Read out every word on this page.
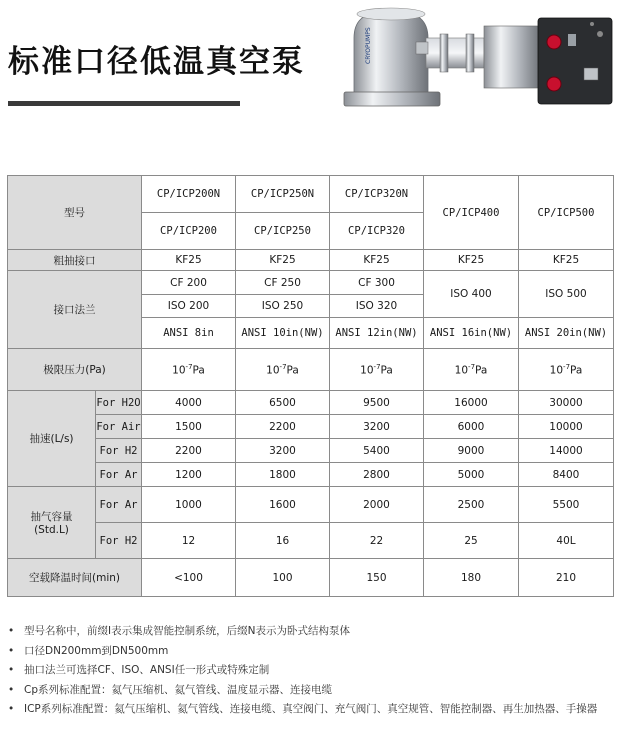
标准口径低温真空泵	CRYOPUMPS
型号		CP/ICP200N	CP/ICP250N	CP/ICP320N	CP/ICP400	CP/ICP500
		CP/ICP200	CP/ICP250	CP/ICP320		
粗抽接口		KF25	KF25	KF25	KF25	KF25
接口法兰		CF 200	CF 250	CF 300	ISO 400	ISO 500
		ISO 200	ISO 250	ISO 320		
		ANSI 8in	ANSI 10in(NW)	ANSI 12in(NW)	ANSI 16in(NW)	ANSI 20in(NW)
极限压力(Pa)		$10^{-7}Pa$	$10^{-7}Pa$	$10^{-7}Pa$	$10^{-7}Pa$	$10^{-7}Pa$
抽速(L/s)	For H2O	4000	6500	9500	16000	30000
	For Air	1500	2200	3200	6000	10000
	For H2	2200	3200	5400	9000	14000
	For Ar	1200	1800	2800	5000	8400
抽气容量
(Std.L)	For Ar	1000	1600	2000	2500	5500
	For H2	12	16	22	25	40L
空载降温时间(min)		<100	100	150	180	210
• 型号名称中，前缀I表示集成智能控制系统，后缀N表示为卧式结构泵体
• 口径DN200mm到DN500mm
• 抽口法兰可选择CF、ISO、ANSI任一形式或特殊定制
• Cp系列标准配置：氦气压缩机、氦气管线、温度显示器、连接电缆
• ICP系列标准配置：氦气压缩机、氦气管线、连接电缆、真空阀门、充气阀门、真空规管、智能控制器、再生加热器、手操器
